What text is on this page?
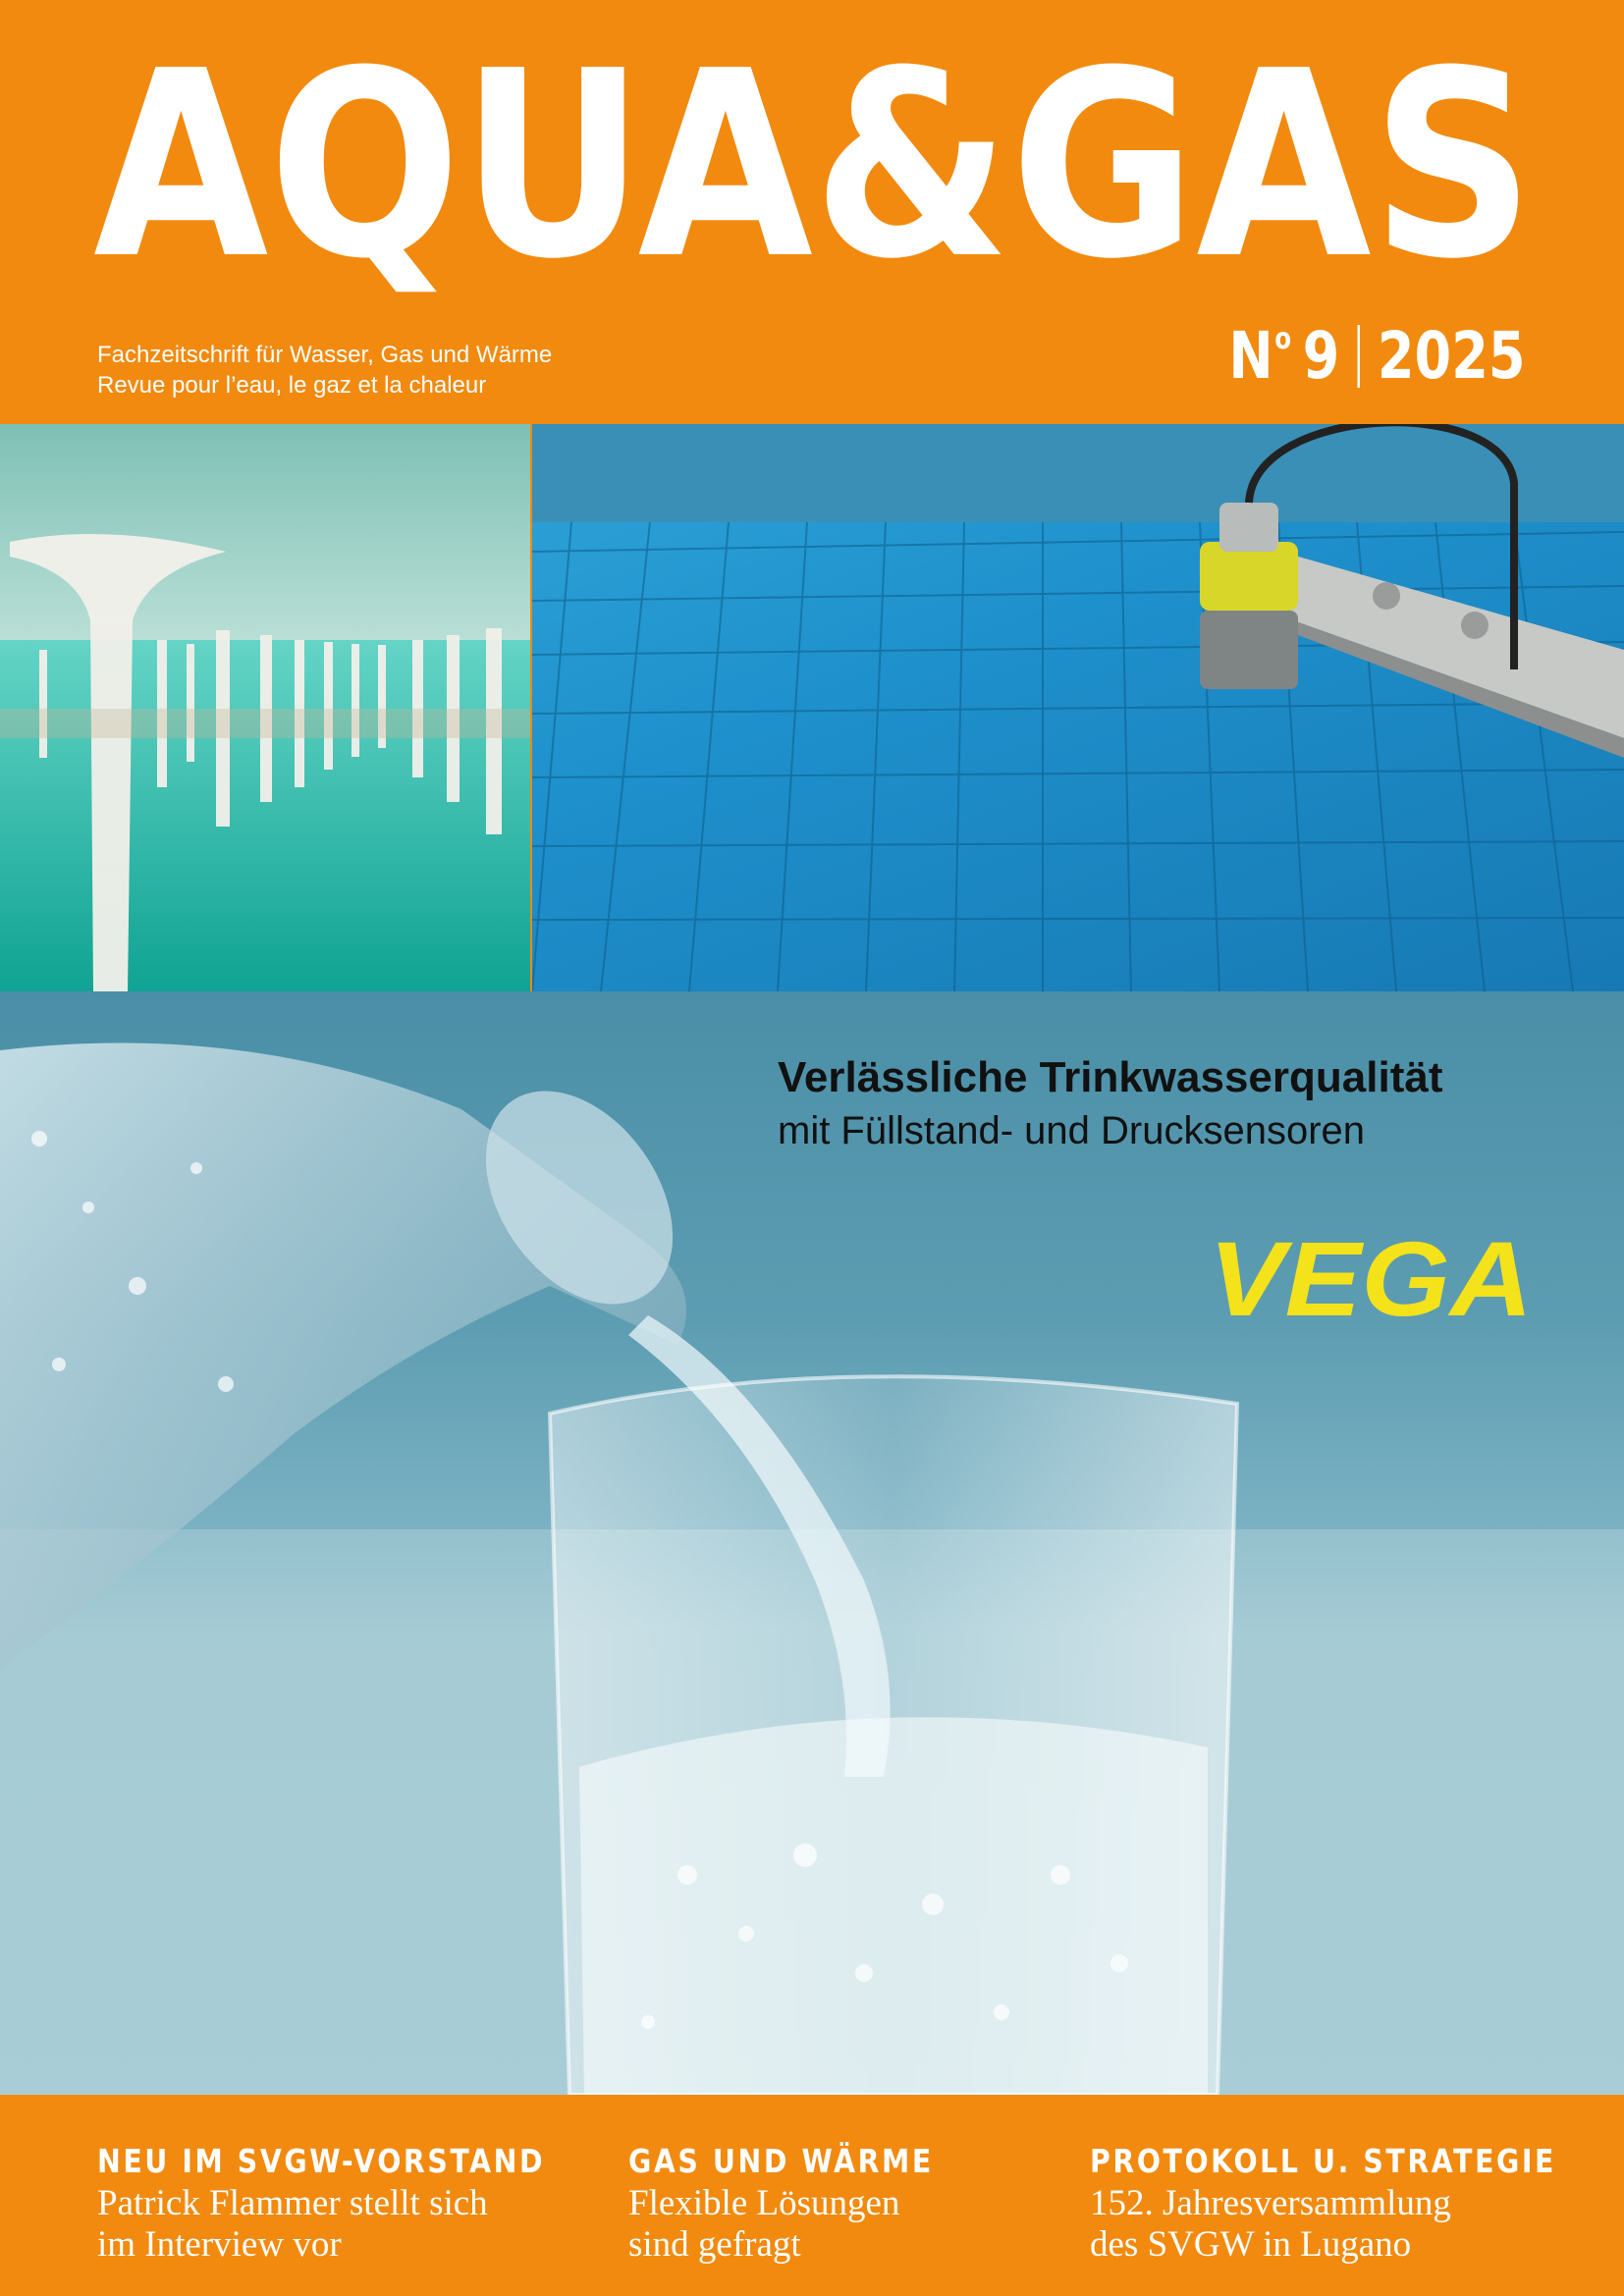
AQUA & GAS
Fachzeitschrift für Wasser, Gas und Wärme
Revue pour l’eau, le gaz et la chaleur	$N^o$ 9 2025
Verlässliche Trinkwasserqualität
mit Füllstand- und Drucksensoren
VEGA
NEU IM SVGW-VORSTAND
Patrick Flammer stellt sich
im Interview vor
GAS UND WÄRME
Flexible Lösungen
sind gefragt
PROTOKOLL U. STRATEGIE
152. Jahresversammlung
des SVGW in Lugano
